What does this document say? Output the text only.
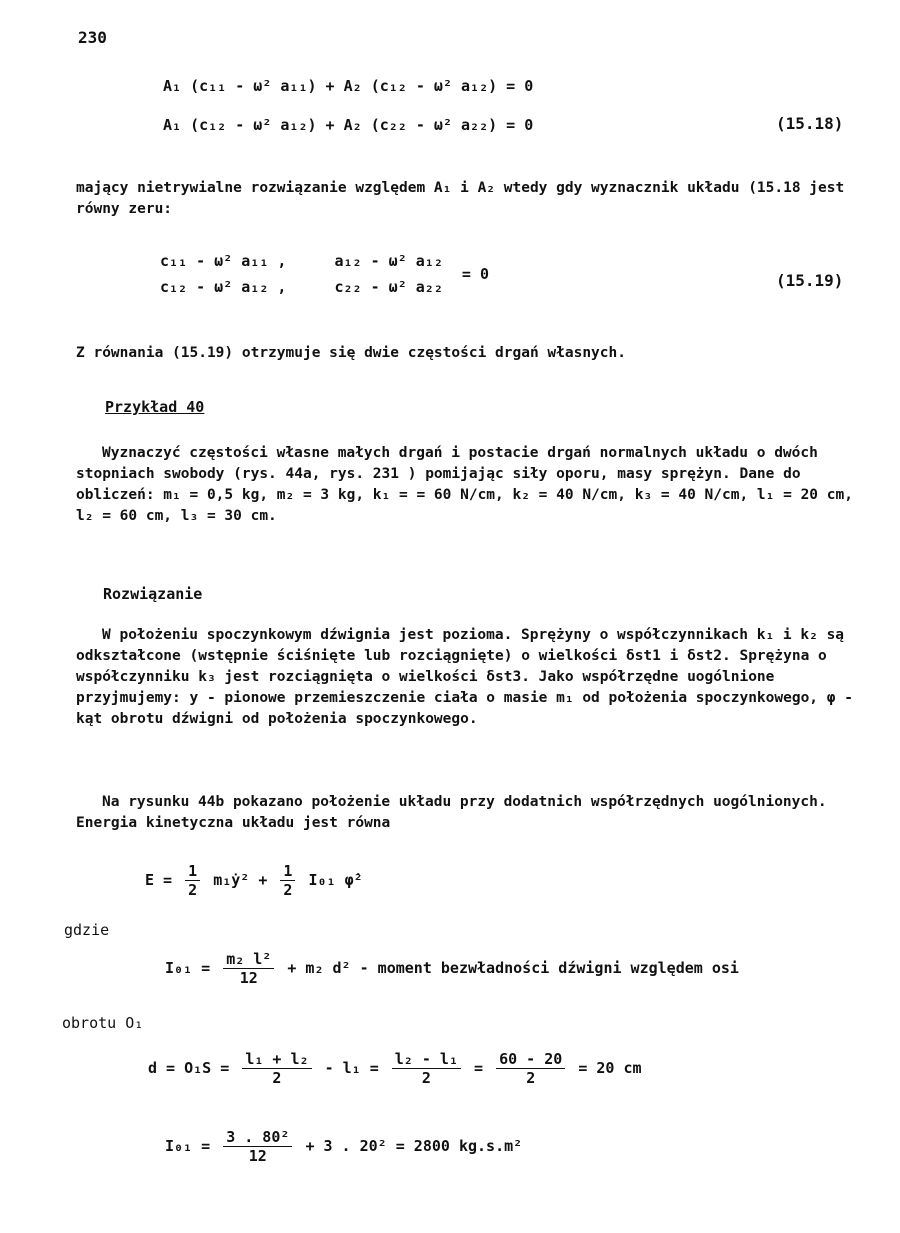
230
A₁ (c₁₁ - ω² a₁₁) + A₂ (c₁₂ - ω² a₁₂) = 0
A₁ (c₁₂ - ω² a₁₂) + A₂ (c₂₂ - ω² a₂₂) = 0	(15.18)
mający nietrywialne rozwiązanie względem A₁ i A₂ wtedy gdy wyznacznik układu (15.18 jest równy zeru:
c₁₁ - ω² a₁₁ ,
c₁₂ - ω² a₁₂ ,

a₁₂ - ω² a₁₂
c₂₂ - ω² a₂₂
= 0	(15.19)
Z równania (15.19) otrzymuje się dwie częstości drgań własnych.
Przykład 40

Wyznaczyć częstości własne małych drgań i postacie drgań normalnych układu o dwóch stopniach swobody (rys. 44a, rys. 231 ) pomijając siły oporu, masy sprężyn. Dane do obliczeń: m₁ = 0,5 kg, m₂ = 3 kg, k₁ = = 60 N/cm, k₂ = 40 N/cm, k₃ = 40 N/cm, l₁ = 20 cm, l₂ = 60 cm, l₃ = 30 cm.

Rozwiązanie

W położeniu spoczynkowym dźwignia jest pozioma. Sprężyny o współczynnikach k₁ i k₂ są odkształcone (wstępnie ściśnięte lub rozciągnięte) o wielkości δst1 i δst2. Sprężyna o współczynniku k₃ jest rozciągnięta o wielkości δst3. Jako współrzędne uogólnione przyjmujemy: y - pionowe przemieszczenie ciała o masie m₁ od położenia spoczynkowego, φ - kąt obrotu dźwigni od położenia spoczynkowego.

Na rysunku 44b pokazano położenie układu przy dodatnich współrzędnych uogólnionych. Energia kinetyczna układu jest równa

$E = \frac{1}{2}$ m₁ẏ² + $\frac{1}{2} I_{01}$ φ̇²
gdzie
$I_{01} = \frac{\text{m₂ l²}}{12} + m_2$ d² - moment bezwładności dźwigni względem osi
obrotu O₁
$d = O_1S = \frac{\text{l₁ + l₂}}{2} - l_1 = \frac{\text{l₂ - l₁}}{2} = \frac{60 - 20}{2} = 20$ cm
$I_{01} = \frac{\text{3 . 80²}}{12} + 3$ . 20² = 2800 kg.s.m²
